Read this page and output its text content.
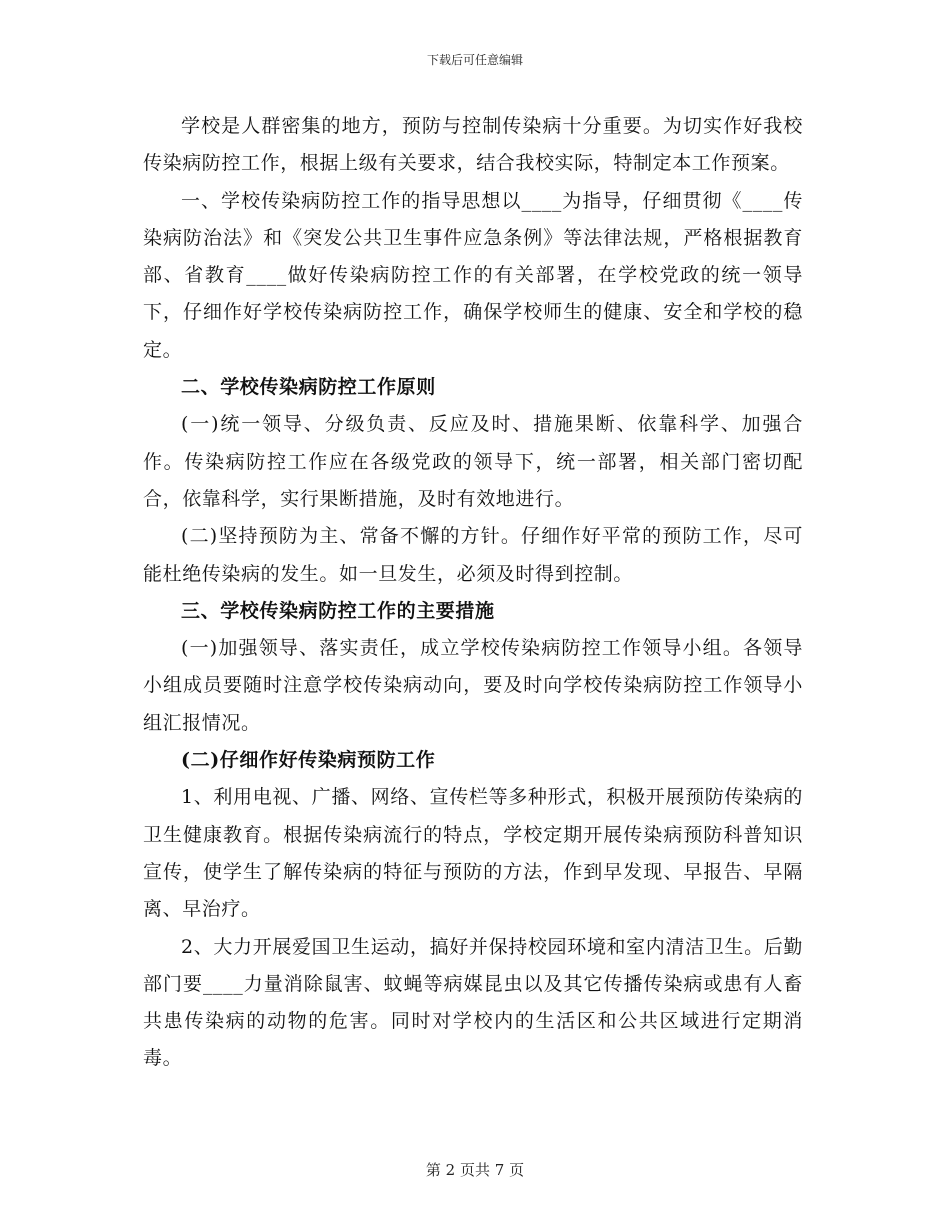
下载后可任意编辑

学校是人群密集的地方，预防与控制传染病十分重要。为切实作好我校传染病防控工作，根据上级有关要求，结合我校实际，特制定本工作预案。

一、学校传染病防控工作的指导思想以____为指导，仔细贯彻《____传染病防治法》和《突发公共卫生事件应急条例》等法律法规，严格根据教育部、省教育____做好传染病防控工作的有关部署，在学校党政的统一领导下，仔细作好学校传染病防控工作，确保学校师生的健康、安全和学校的稳定。

二、学校传染病防控工作原则

(一)统一领导、分级负责、反应及时、措施果断、依靠科学、加强合作。传染病防控工作应在各级党政的领导下，统一部署，相关部门密切配合，依靠科学，实行果断措施，及时有效地进行。

(二)坚持预防为主、常备不懈的方针。仔细作好平常的预防工作，尽可能杜绝传染病的发生。如一旦发生，必须及时得到控制。

三、学校传染病防控工作的主要措施

(一)加强领导、落实责任，成立学校传染病防控工作领导小组。各领导小组成员要随时注意学校传染病动向，要及时向学校传染病防控工作领导小组汇报情况。

(二)仔细作好传染病预防工作

1、利用电视、广播、网络、宣传栏等多种形式，积极开展预防传染病的卫生健康教育。根据传染病流行的特点，学校定期开展传染病预防科普知识宣传，使学生了解传染病的特征与预防的方法，作到早发现、早报告、早隔离、早治疗。

2、大力开展爱国卫生运动，搞好并保持校园环境和室内清洁卫生。后勤部门要____力量消除鼠害、蚊蝇等病媒昆虫以及其它传播传染病或患有人畜共患传染病的动物的危害。同时对学校内的生活区和公共区域进行定期消毒。

第 2 页共 7 页
